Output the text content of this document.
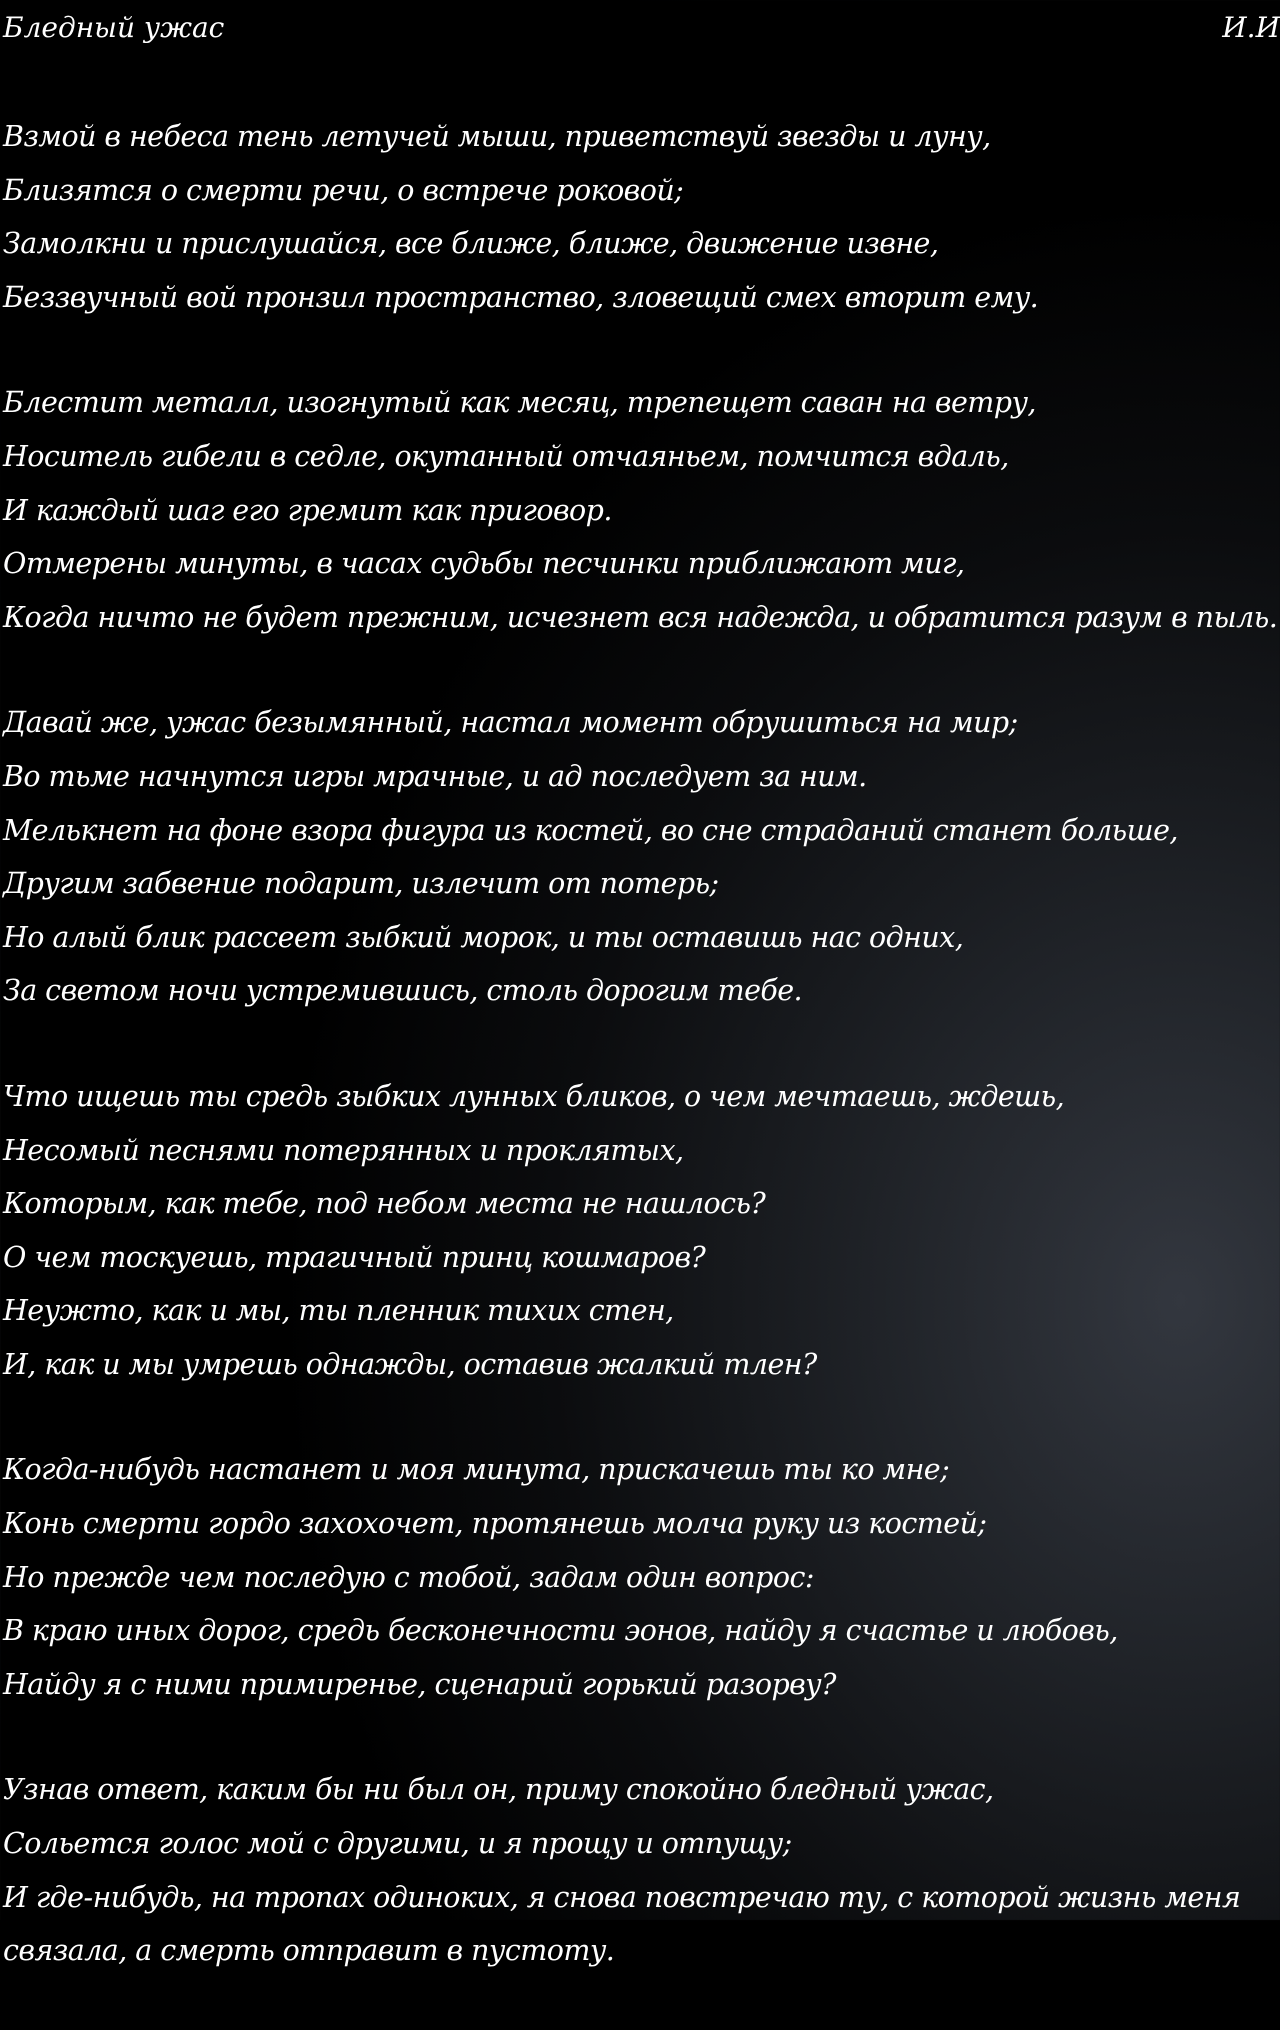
Бледный ужас	И.И
Взмой в небеса тень летучей мыши, приветствуй звезды и луну,
Близятся о смерти речи, о встрече роковой;
Замолкни и прислушайся, все ближе, ближе, движение извне,
Беззвучный вой пронзил пространство, зловещий смех вторит ему.
Блестит металл, изогнутый как месяц, трепещет саван на ветру,
Носитель гибели в седле, окутанный отчаяньем, помчится вдаль,
И каждый шаг его гремит как приговор.
Отмерены минуты, в часах судьбы песчинки приближают миг,
Когда ничто не будет прежним, исчезнет вся надежда, и обратится разум в пыль.
Давай же, ужас безымянный, настал момент обрушиться на мир;
Во тьме начнутся игры мрачные, и ад последует за ним.
Мелькнет на фоне взора фигура из костей, во сне страданий станет больше,
Другим забвение подарит, излечит от потерь;
Но алый блик рассеет зыбкий морок, и ты оставишь нас одних,
За светом ночи устремившись, столь дорогим тебе.
Что ищешь ты средь зыбких лунных бликов, о чем мечтаешь, ждешь,
Несомый песнями потерянных и проклятых,
Которым, как тебе, под небом места не нашлось?
О чем тоскуешь, трагичный принц кошмаров?
Неужто, как и мы, ты пленник тихих стен,
И, как и мы умрешь однажды, оставив жалкий тлен?
Когда-нибудь настанет и моя минута, прискачешь ты ко мне;
Конь смерти гордо захохочет, протянешь молча руку из костей;
Но прежде чем последую с тобой, задам один вопрос:
В краю иных дорог, средь бесконечности эонов, найду я счастье и любовь,
Найду я с ними примиренье, сценарий горький разорву?
Узнав ответ, каким бы ни был он, приму спокойно бледный ужас,
Сольется голос мой с другими, и я прощу и отпущу;
И где-нибудь, на тропах одиноких, я снова повстречаю ту, с которой жизнь меня
связала, а смерть отправит в пустоту.
